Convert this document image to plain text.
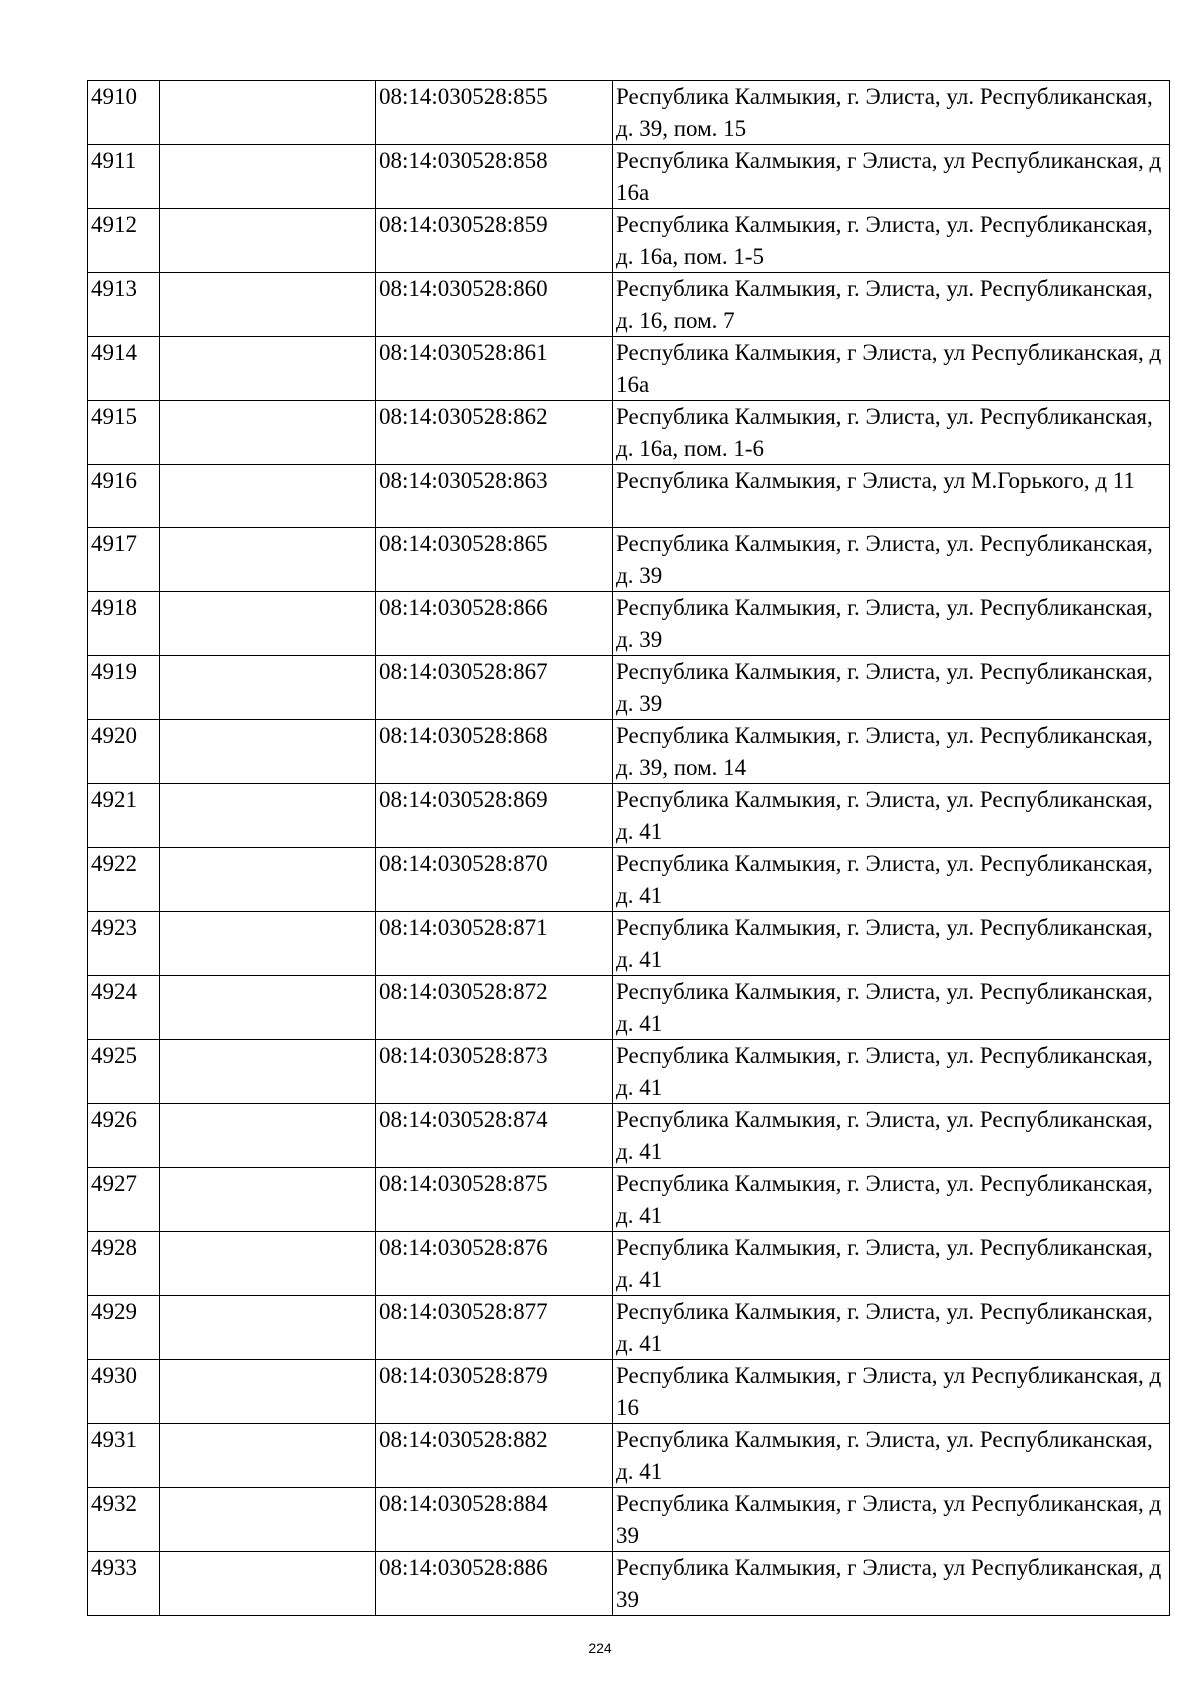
4910		08:14:030528:855	Республика Калмыкия, г. Элиста, ул. Республиканская, д. 39, пом. 15
4911		08:14:030528:858	Республика Калмыкия, г Элиста, ул Республиканская, д 16а
4912		08:14:030528:859	Республика Калмыкия, г. Элиста, ул. Республиканская, д. 16а, пом. 1-5
4913		08:14:030528:860	Республика Калмыкия, г. Элиста, ул. Республиканская, д. 16, пом. 7
4914		08:14:030528:861	Республика Калмыкия, г Элиста, ул Республиканская, д 16а
4915		08:14:030528:862	Республика Калмыкия, г. Элиста, ул. Республиканская, д. 16а, пом. 1-6
4916		08:14:030528:863	Республика Калмыкия, г Элиста, ул М.Горького, д 11
4917		08:14:030528:865	Республика Калмыкия, г. Элиста, ул. Республиканская, д. 39
4918		08:14:030528:866	Республика Калмыкия, г. Элиста, ул. Республиканская, д. 39
4919		08:14:030528:867	Республика Калмыкия, г. Элиста, ул. Республиканская, д. 39
4920		08:14:030528:868	Республика Калмыкия, г. Элиста, ул. Республиканская, д. 39, пом. 14
4921		08:14:030528:869	Республика Калмыкия, г. Элиста, ул. Республиканская, д. 41
4922		08:14:030528:870	Республика Калмыкия, г. Элиста, ул. Республиканская, д. 41
4923		08:14:030528:871	Республика Калмыкия, г. Элиста, ул. Республиканская, д. 41
4924		08:14:030528:872	Республика Калмыкия, г. Элиста, ул. Республиканская, д. 41
4925		08:14:030528:873	Республика Калмыкия, г. Элиста, ул. Республиканская, д. 41
4926		08:14:030528:874	Республика Калмыкия, г. Элиста, ул. Республиканская, д. 41
4927		08:14:030528:875	Республика Калмыкия, г. Элиста, ул. Республиканская, д. 41
4928		08:14:030528:876	Республика Калмыкия, г. Элиста, ул. Республиканская, д. 41
4929		08:14:030528:877	Республика Калмыкия, г. Элиста, ул. Республиканская, д. 41
4930		08:14:030528:879	Республика Калмыкия, г Элиста, ул Республиканская, д 16
4931		08:14:030528:882	Республика Калмыкия, г. Элиста, ул. Республиканская, д. 41
4932		08:14:030528:884	Республика Калмыкия, г Элиста, ул Республиканская, д 39
4933		08:14:030528:886	Республика Калмыкия, г Элиста, ул Республиканская, д 39
224
